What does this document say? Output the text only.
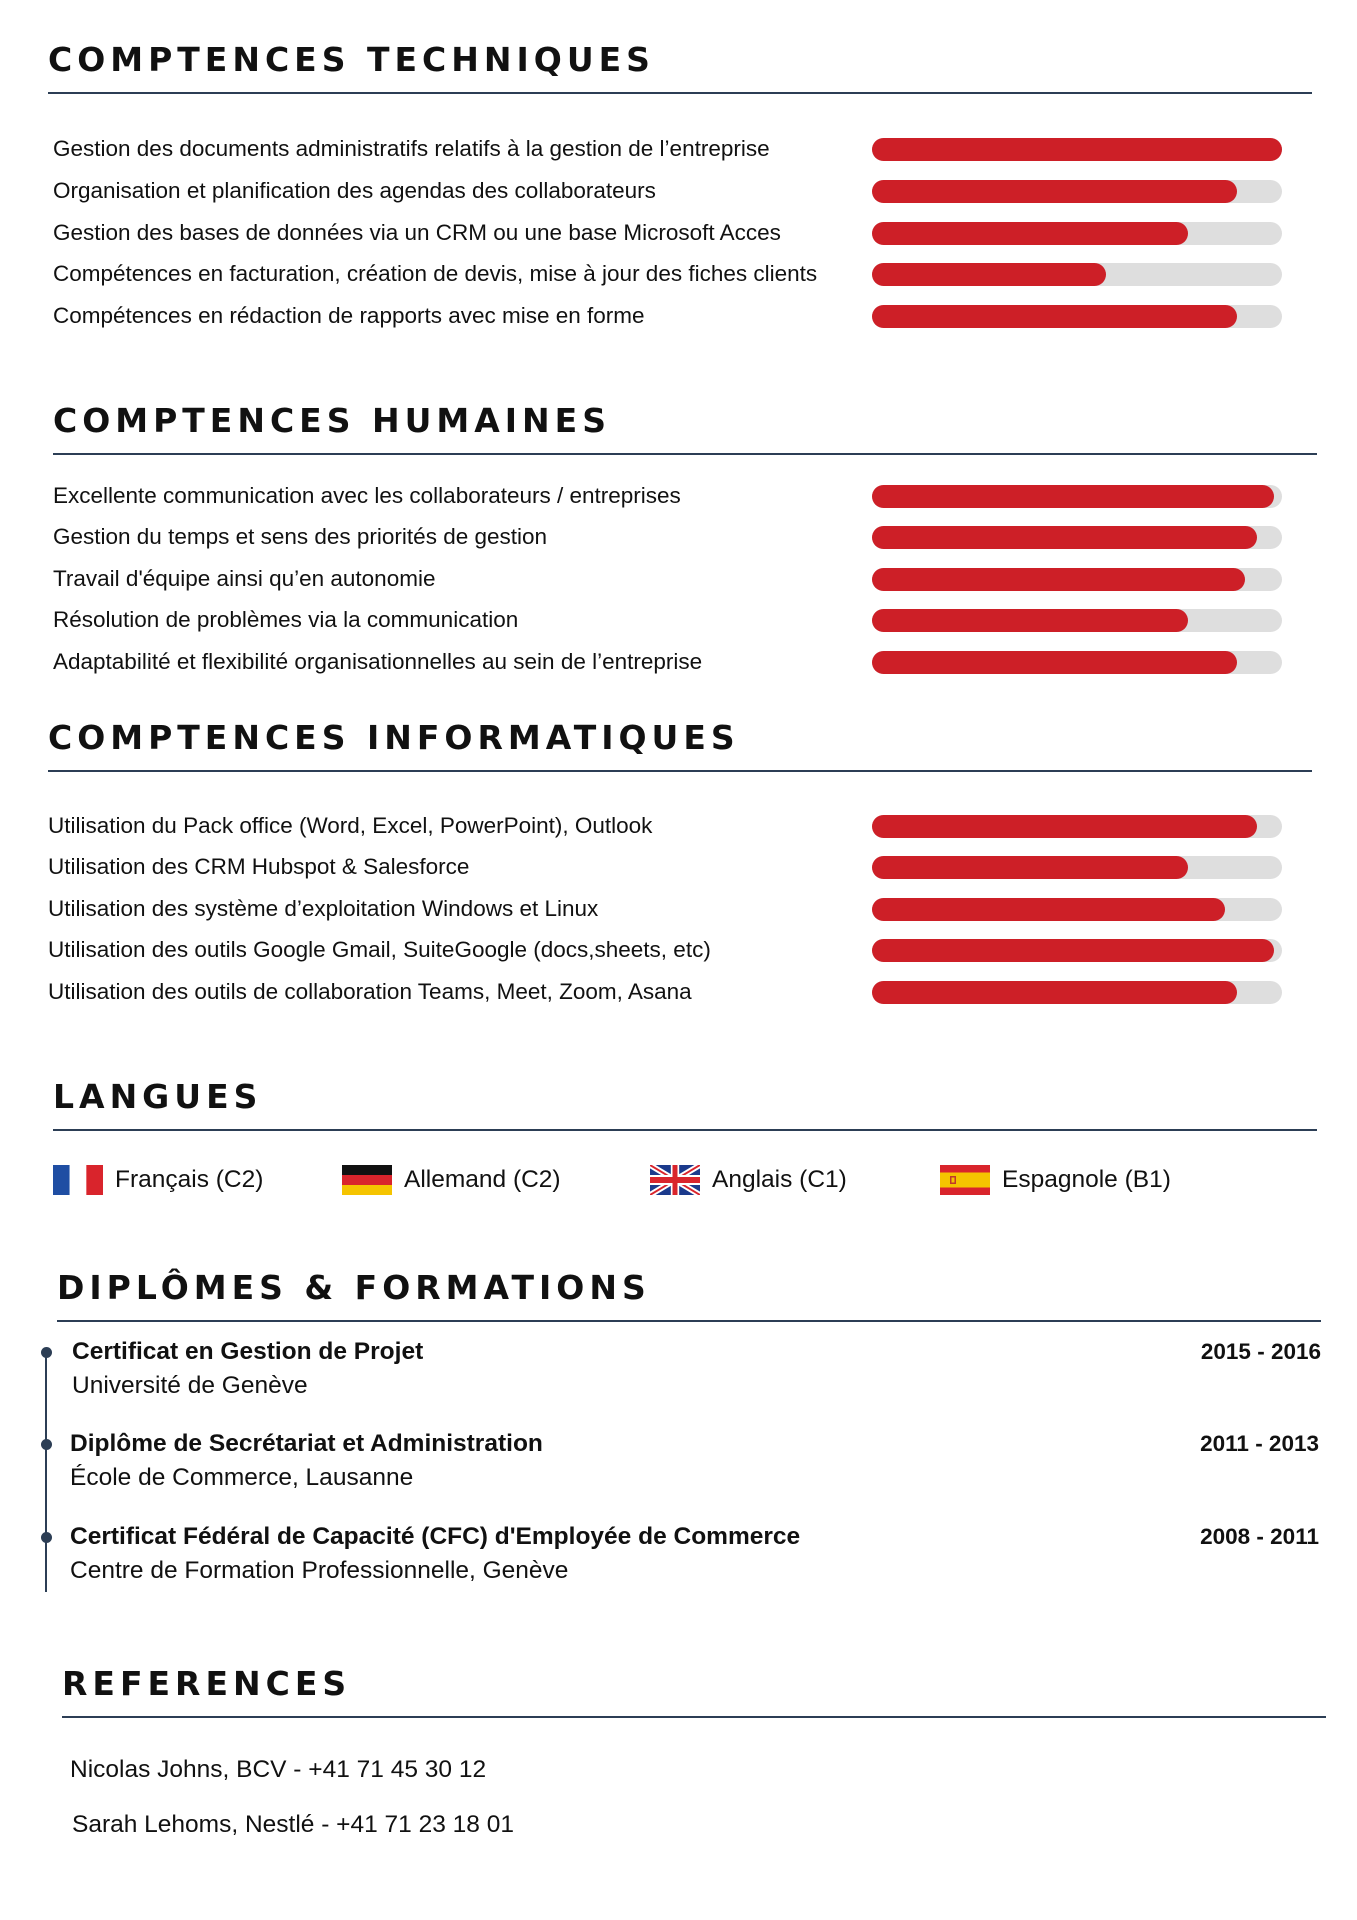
COMPTENCES TECHNIQUES
Gestion des documents administratifs relatifs à la gestion de l’entreprise
Organisation et planification des agendas des collaborateurs
Gestion des bases de données via un CRM ou une base Microsoft Acces
Compétences en facturation, création de devis, mise à jour des fiches clients
Compétences en rédaction de rapports avec mise en forme
COMPTENCES HUMAINES
Excellente communication avec les collaborateurs / entreprises
Gestion du temps et sens des priorités de gestion
Travail d'équipe ainsi qu’en autonomie
Résolution de problèmes via la communication
Adaptabilité et flexibilité organisationnelles au sein de l’entreprise
COMPTENCES INFORMATIQUES
Utilisation du Pack office (Word, Excel, PowerPoint), Outlook
Utilisation des CRM Hubspot & Salesforce
Utilisation des système d’exploitation Windows et Linux
Utilisation des outils Google Gmail, SuiteGoogle (docs,sheets, etc)
Utilisation des outils de collaboration Teams, Meet, Zoom, Asana
LANGUES
Français (C2)	Allemand (C2)	Anglais (C1)	Espagnole (B1)
DIPLÔMES & FORMATIONS
Certificat en Gestion de Projet
Université de Genève
2015 - 2016
Diplôme de Secrétariat et Administration
École de Commerce, Lausanne
2011 - 2013
Certificat Fédéral de Capacité (CFC) d'Employée de Commerce
Centre de Formation Professionnelle, Genève
2008 - 2011
REFERENCES
Nicolas Johns, BCV - +41 71 45 30 12
Sarah Lehoms, Nestlé - +41 71 23 18 01
